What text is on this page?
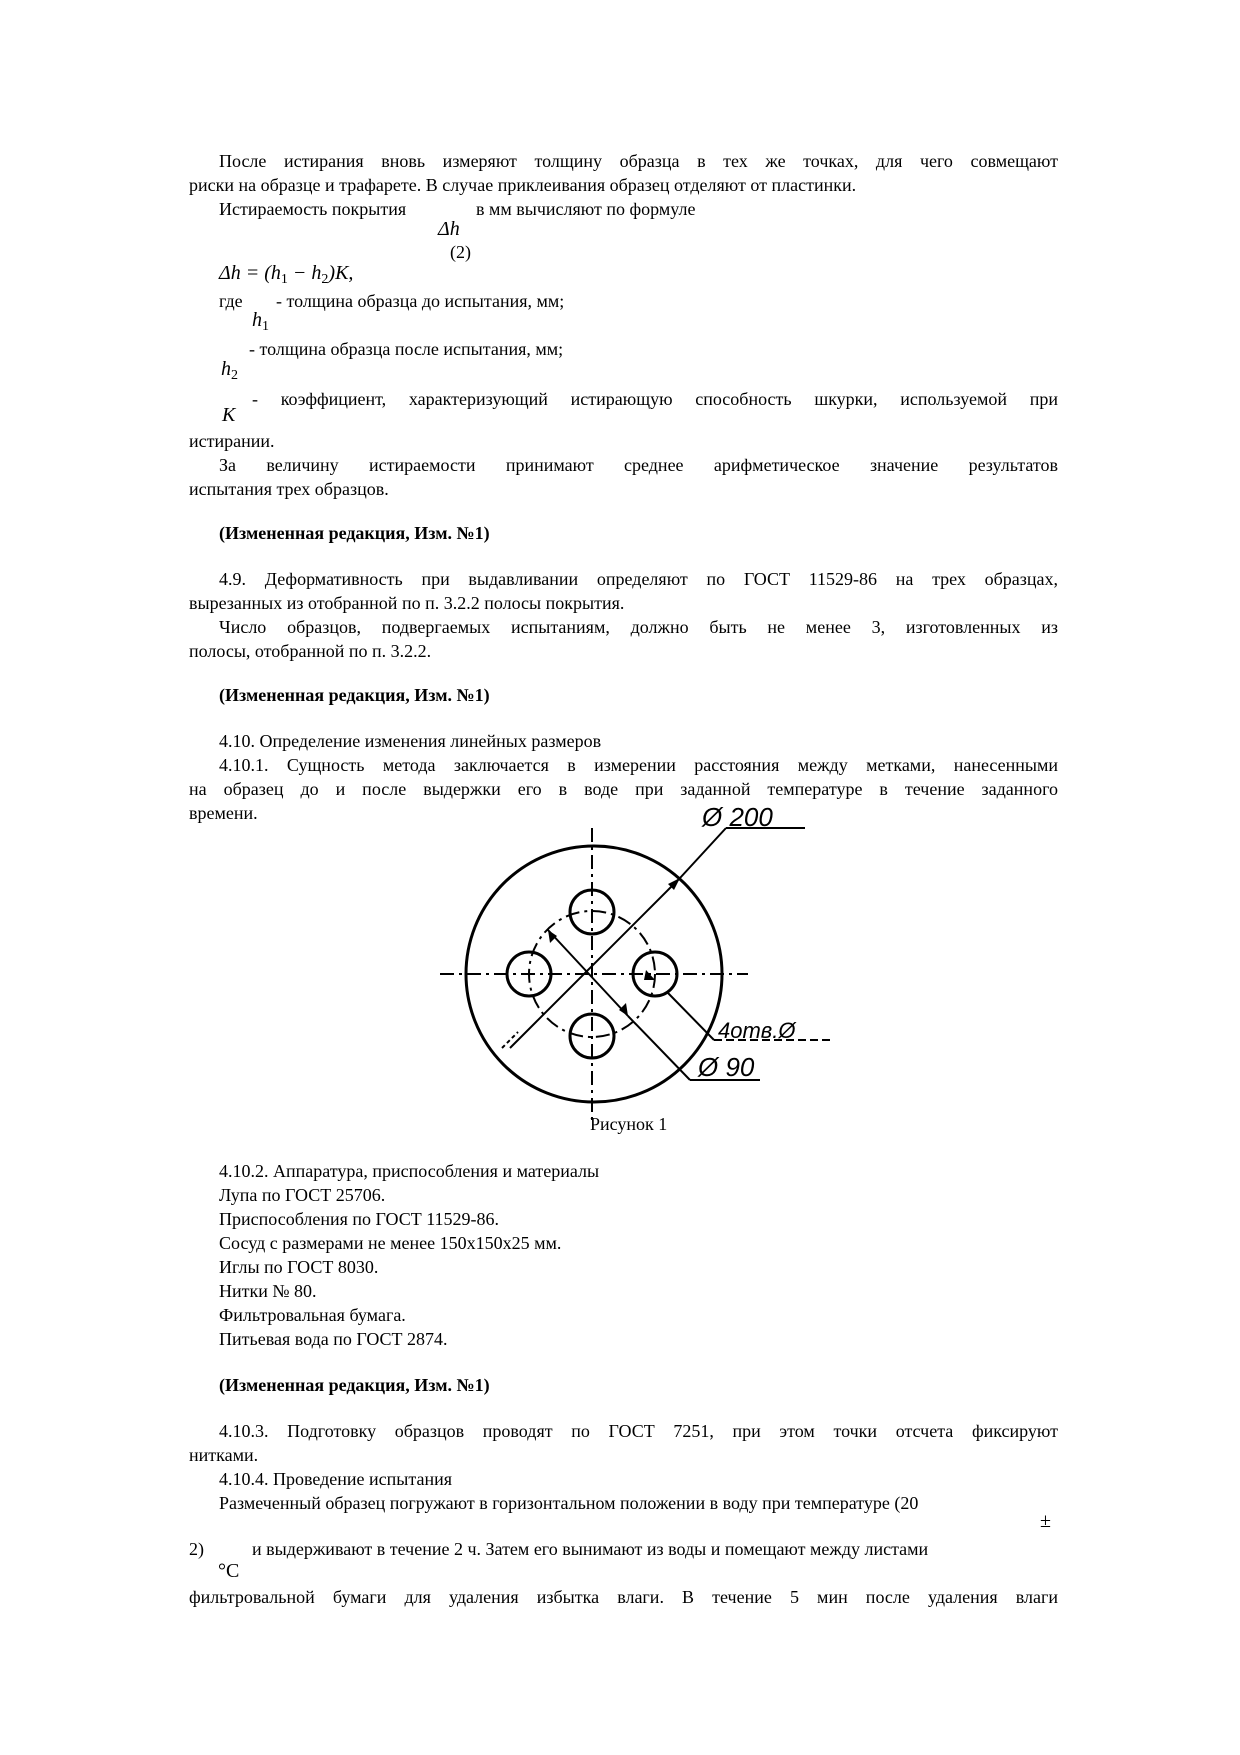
После истирания вновь измеряют толщину образца в тех же точках, для чего совмещают
риски на образце и трафарете. В случае приклеивания образец отделяют от пластинки.
Истираемость покрытия	в мм вычисляют по формуле
Δh
(2)
$\Delta h = (h_1 - h_2)K$,
где - толщина образца до испытания, мм;
$h_1$
- толщина образца после испытания, мм;
$h_2$
- коэффициент, характеризующий истирающую способность шкурки, используемой при
K
истирании.
За величину истираемости принимают среднее арифметическое значение результатов
испытания трех образцов.
(Измененная редакция, Изм. №1)
4.9. Деформативность при выдавливании определяют по ГОСТ 11529-86 на трех образцах,
вырезанных из отобранной по п. 3.2.2 полосы покрытия.
Число образцов, подвергаемых испытаниям, должно быть не менее 3, изготовленных из
полосы, отобранной по п. 3.2.2.
(Измененная редакция, Изм. №1)
4.10. Определение изменения линейных размеров
4.10.1. Сущность метода заключается в измерении расстояния между метками, нанесенными
на образец до и после выдержки его в воде при заданной температуре в течение заданного
времени.	Ø 200
4отв.Ø
Ø 90
Рисунок 1
4.10.2. Аппаратура, приспособления и материалы
Лупа по ГОСТ 25706.
Приспособления по ГОСТ 11529-86.
Сосуд с размерами не менее 150х150х25 мм.
Иглы по ГОСТ 8030.
Нитки № 80.
Фильтровальная бумага.
Питьевая вода по ГОСТ 2874.
(Измененная редакция, Изм. №1)
4.10.3. Подготовку образцов проводят по ГОСТ 7251, при этом точки отсчета фиксируют
нитками.
4.10.4. Проведение испытания
Размеченный образец погружают в горизонтальном положении в воду при температуре (20
±
2)	и выдерживают в течение 2 ч. Затем его вынимают из воды и помещают между листами
°C
фильтровальной бумаги для удаления избытка влаги. В течение 5 мин после удаления влаги
